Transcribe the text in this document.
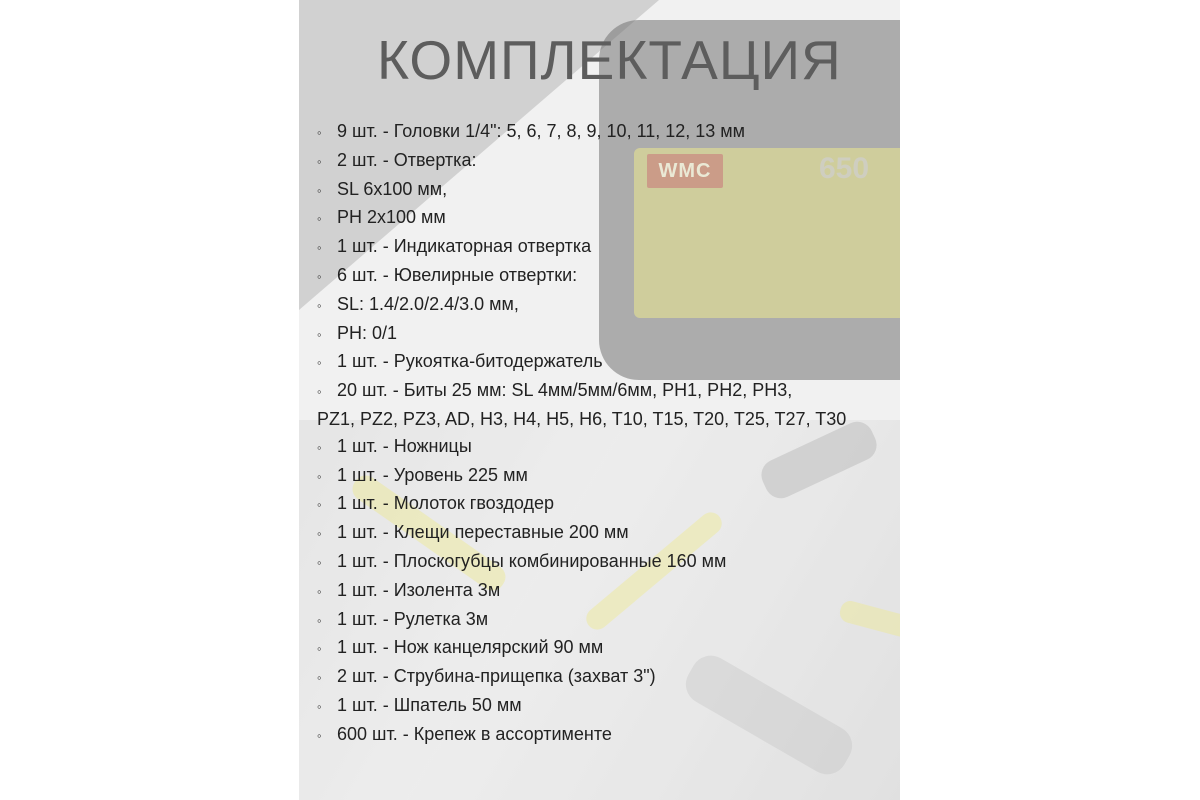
WMC	650
КОМПЛЕКТАЦИЯ
◦ 9 шт. - Головки 1/4": 5, 6, 7, 8, 9, 10, 11, 12, 13 мм
◦ 2 шт. - Отвертка:
◦ SL 6х100 мм,
◦ PH 2х100 мм
◦ 1 шт. - Индикаторная отвертка
◦ 6 шт. - Ювелирные отвертки:
◦ SL: 1.4/2.0/2.4/3.0 мм,
◦ PH: 0/1
◦ 1 шт. - Рукоятка-битодержатель
◦ 20 шт. - Биты 25 мм: SL 4мм/5мм/6мм, PH1, PH2, PH3,
PZ1, PZ2, PZ3, AD, H3, H4, H5, H6, T10, T15, T20, T25, T27, T30
◦ 1 шт. - Ножницы
◦ 1 шт. - Уровень 225 мм
◦ 1 шт. - Молоток гвоздодер
◦ 1 шт. - Клещи переставные 200 мм
◦ 1 шт. - Плоскогубцы комбинированные 160 мм
◦ 1 шт. - Изолента 3м
◦ 1 шт. - Рулетка 3м
◦ 1 шт. - Нож канцелярский 90 мм
◦ 2 шт. - Струбина-прищепка (захват 3")
◦ 1 шт. - Шпатель 50 мм
◦ 600 шт. - Крепеж в ассортименте
